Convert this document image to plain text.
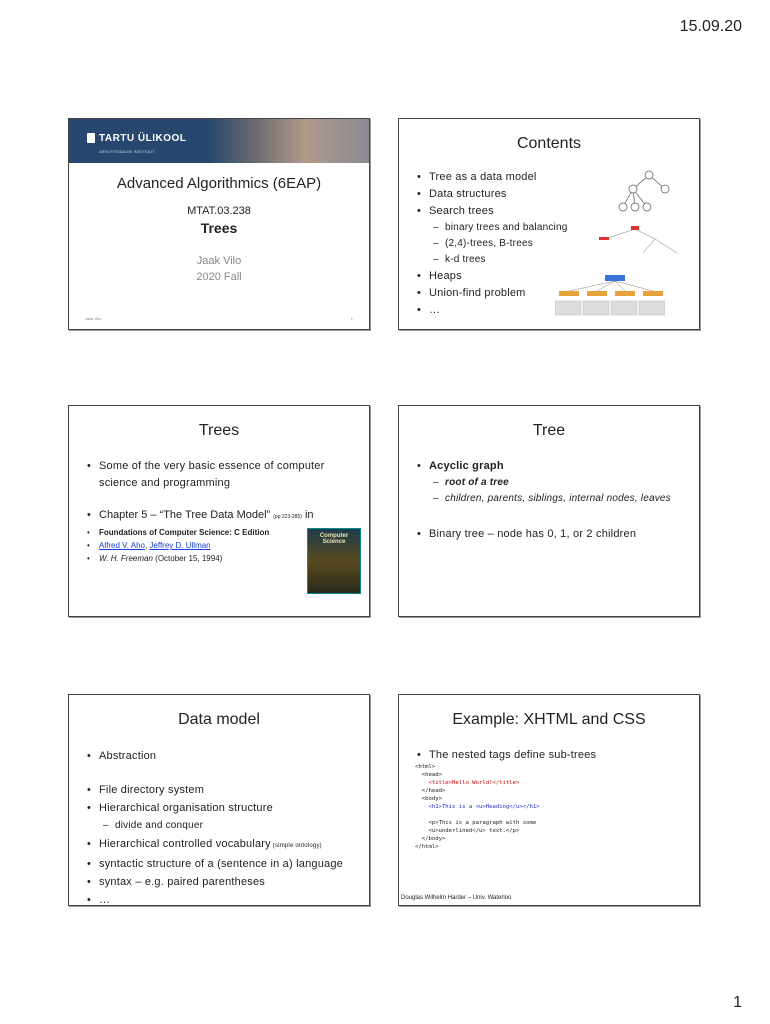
15.09.20
TARTU ÜLIKOOL
ARVUTITEADUSE INSTITUUT
Advanced Algorithmics (6EAP)
MTAT.03.238
Trees
Jaak Vilo
2020 Fall
Jaak Vilo	1
Contents
• Tree as a data model
• Data structures
• Search trees
– binary trees and balancing
– (2,4)-trees, B-trees
– k-d trees
• Heaps
• Union-find problem
• …
Trees
• Some of the very basic essence of computer science and programming
• Chapter 5 – “The Tree Data Model” (pp 223-285) in
• Foundations of Computer Science: C Edition
• Alfred V. Aho, Jeffrey D. Ullman
• W. H. Freeman (October 15, 1994)
Computer Science
Tree
• Acyclic graph
– root of a tree
– children, parents, siblings, internal nodes, leaves
• Binary tree – node has 0, 1, or 2 children
Data model
• Abstraction
• File directory system
• Hierarchical organisation structure
– divide and conquer
• Hierarchical controlled vocabulary (simple ontology)
• syntactic structure of a (sentence in a) language
• syntax – e.g. paired parentheses
• …
Example: XHTML and CSS
• The nested tags define sub-trees
<html>
<head>
<title>Hello World!</title>
</head>
<body>
<h1>This is a <u>Heading</u></h1>

<p>This is a paragraph with some
<u>underlined</u> text.</p>
</body>
</html>
Douglas Wilhelm Harder – Univ. Waterloo
1
